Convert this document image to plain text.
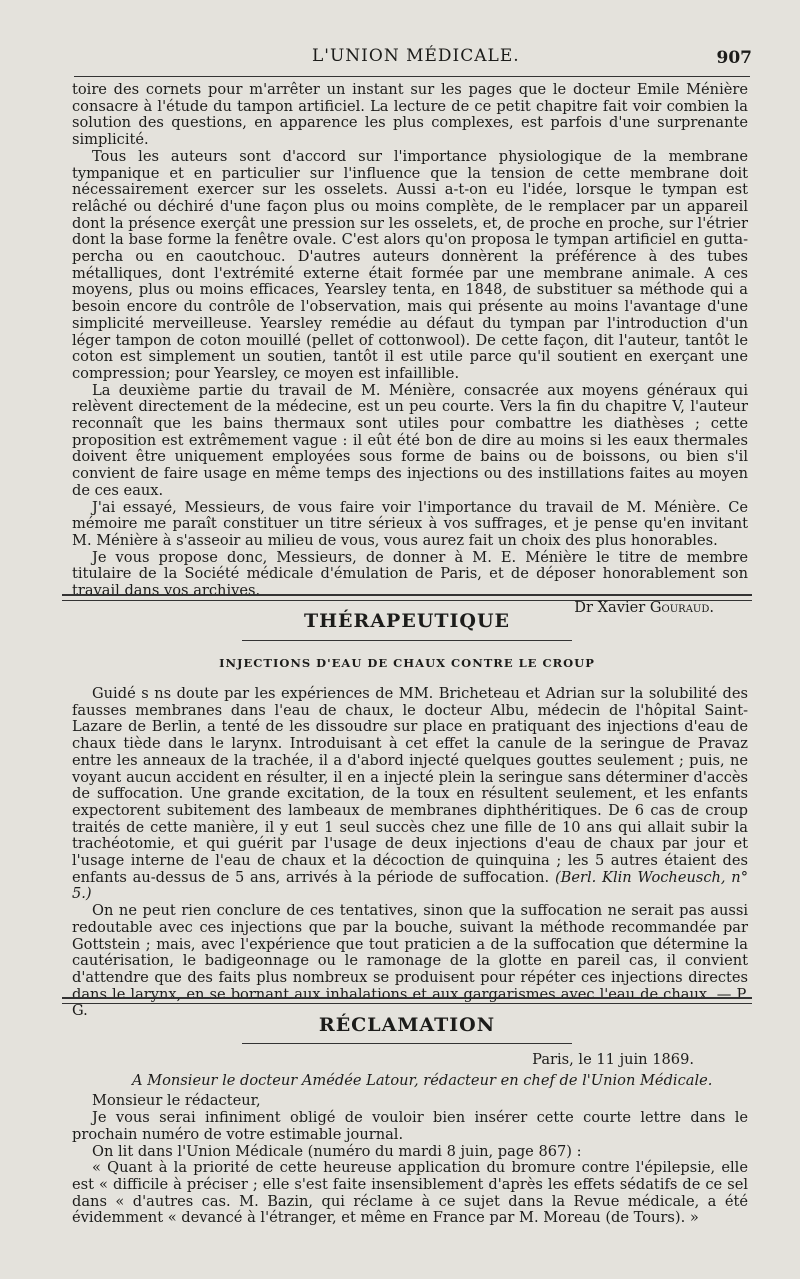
L'UNION MÉDICALE.	907

toire des cornets pour m'arrêter un instant sur les pages que le docteur Emile Ménière consacre à l'étude du tampon artificiel. La lecture de ce petit chapitre fait voir combien la solution des questions, en apparence les plus complexes, est parfois d'une surprenante simplicité.

Tous les auteurs sont d'accord sur l'importance physiologique de la membrane tympanique et en particulier sur l'influence que la tension de cette membrane doit nécessairement exercer sur les osselets. Aussi a-t-on eu l'idée, lorsque le tympan est relâché ou déchiré d'une façon plus ou moins complète, de le remplacer par un appareil dont la présence exerçât une pression sur les osselets, et, de proche en proche, sur l'étrier dont la base forme la fenêtre ovale. C'est alors qu'on proposa le tympan artificiel en gutta-percha ou en caoutchouc. D'autres auteurs donnèrent la préférence à des tubes métalliques, dont l'extrémité externe était formée par une membrane animale. A ces moyens, plus ou moins efficaces, Yearsley tenta, en 1848, de substituer sa méthode qui a besoin encore du contrôle de l'observation, mais qui présente au moins l'avantage d'une simplicité merveilleuse. Yearsley remédie au défaut du tympan par l'introduction d'un léger tampon de coton mouillé (pellet of cottonwool). De cette façon, dit l'auteur, tantôt le coton est simplement un soutien, tantôt il est utile parce qu'il soutient en exerçant une compression; pour Yearsley, ce moyen est infaillible.

La deuxième partie du travail de M. Ménière, consacrée aux moyens généraux qui relèvent directement de la médecine, est un peu courte. Vers la fin du chapitre V, l'auteur reconnaît que les bains thermaux sont utiles pour combattre les diathèses ; cette proposition est extrêmement vague : il eût été bon de dire au moins si les eaux thermales doivent être uniquement employées sous forme de bains ou de boissons, ou bien s'il convient de faire usage en même temps des injections ou des instillations faites au moyen de ces eaux.

J'ai essayé, Messieurs, de vous faire voir l'importance du travail de M. Ménière. Ce mémoire me paraît constituer un titre sérieux à vos suffrages, et je pense qu'en invitant M. Ménière à s'asseoir au milieu de vous, vous aurez fait un choix des plus honorables.

Je vous propose donc, Messieurs, de donner à M. E. Ménière le titre de membre titulaire de la Société médicale d'émulation de Paris, et de déposer honorablement son travail dans vos archives.

Dr Xavier Gouraud.

THÉRAPEUTIQUE
INJECTIONS D'EAU DE CHAUX CONTRE LE CROUP

Guidé s ns doute par les expériences de MM. Bricheteau et Adrian sur la solubilité des fausses membranes dans l'eau de chaux, le docteur Albu, médecin de l'hôpital Saint-Lazare de Berlin, a tenté de les dissoudre sur place en pratiquant des injections d'eau de chaux tiède dans le larynx. Introduisant à cet effet la canule de la seringue de Pravaz entre les anneaux de la trachée, il a d'abord injecté quelques gouttes seulement ; puis, ne voyant aucun accident en résulter, il en a injecté plein la seringue sans déterminer d'accès de suffocation. Une grande excitation, de la toux en résultent seulement, et les enfants expectorent subitement des lambeaux de membranes diphthéritiques. De 6 cas de croup traités de cette manière, il y eut 1 seul succès chez une fille de 10 ans qui allait subir la trachéotomie, et qui guérit par l'usage de deux injections d'eau de chaux par jour et l'usage interne de l'eau de chaux et la décoction de quinquina ; les 5 autres étaient des enfants au-dessus de 5 ans, arrivés à la période de suffocation. (Berl. Klin Wocheusch, n° 5.)

On ne peut rien conclure de ces tentatives, sinon que la suffocation ne serait pas aussi redoutable avec ces injections que par la bouche, suivant la méthode recommandée par Gottstein ; mais, avec l'expérience que tout praticien a de la suffocation que détermine la cautérisation, le badigeonnage ou le ramonage de la glotte en pareil cas, il convient d'attendre que des faits plus nombreux se produisent pour répéter ces injections directes dans le larynx, en se bornant aux inhalations et aux gargarismes avec l'eau de chaux. — P. G.

RÉCLAMATION

Paris, le 11 juin 1869.

A Monsieur le docteur Amédée Latour, rédacteur en chef de l'Union Médicale.

Monsieur le rédacteur,

Je vous serai infiniment obligé de vouloir bien insérer cette courte lettre dans le prochain numéro de votre estimable journal.

On lit dans l'Union Médicale (numéro du mardi 8 juin, page 867) :

« Quant à la priorité de cette heureuse application du bromure contre l'épilepsie, elle est « difficile à préciser ; elle s'est faite insensiblement d'après les effets sédatifs de ce sel dans « d'autres cas. M. Bazin, qui réclame à ce sujet dans la Revue médicale, a été évidemment « devancé à l'étranger, et même en France par M. Moreau (de Tours). »
